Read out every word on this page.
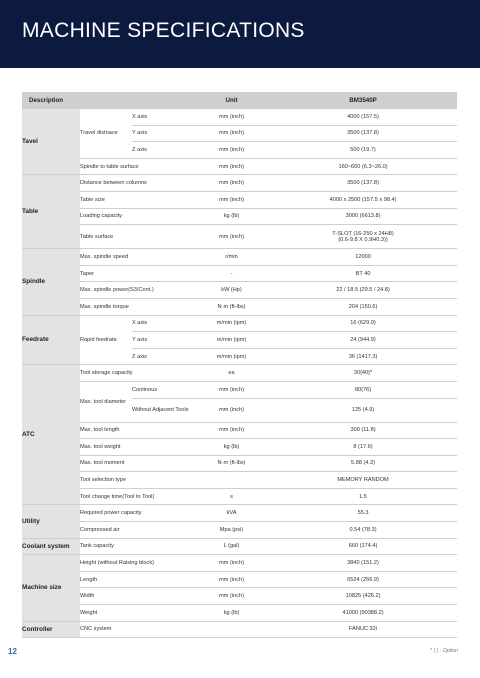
MACHINE SPECIFICATIONS
Description			Unit	BM3540P
Tavel	Travel distnace	X axis	mm (inch)	4000 (157.5)
		Y axis	mm (inch)	3500 (137.8)
		Z axis	mm (inch)	500 (19.7)
	Spindle to table surface		mm (inch)	160~660 (6.3~26.0)
Table	Distance between columns		mm (inch)	3500 (137.8)
	Table size		mm (inch)	4000 x 2500 (157.5 x 98.4)
	Loading capacity		kg (lb)	3000 (6613.8)
	Table surface		mm (inch)	T-SLOT (16-250 x 24H8)
(0.6-9.8 X 0.9H0.3))

Spindle	Max. spindle speed		r/min	12000
	Taper		-	BT 40
	Max. spindle power(S3/Cont.)		kW (Hp)	22 / 18.5 (29.5 / 24.8)
	Max. spindle torque		N·m (ft-lbs)	204 (150.6)
Feedrate	Rapid feedrate	X axis	m/min (ipm)	16 (629.9)
		Y axis	m/min (ipm)	24 (944.9)
		Z axis	m/min (ipm)	36 (1417.3)
ATC	Tool storage capacity		ea	30{40}*
	Max. tool diameter	Continous	mm (inch)	80{76}
		Without Adjacent Tools	mm (inch)	125 (4.9)
	Max. tool length		mm (inch)	300 (11.8)
	Max. tool weight		kg (lb)	8 (17.6)
	Max. tool moment		N·m (ft-lbs)	5.88 (4.3)
	Tool selection type			MEMORY RANDOM
	Tool change time(Tool to Tool)		s	1.5
Utility	Required power capacity		kVA	55.3
	Compressed air		Mpa (psi)	0.54 (78.3)
Coolant system	Tank capacity		L (gal)	660 (174.4)
Machine size	Height (without Raising block)		mm (inch)	3840 (151.2)
	Length		mm (inch)	6524 (256.9)
	Width		mm (inch)	10825 (426.2)
	Weight		kg (lb)	41000 (90388.2)
Controller	CNC system			FANUC 32i
12	* { } : Option
